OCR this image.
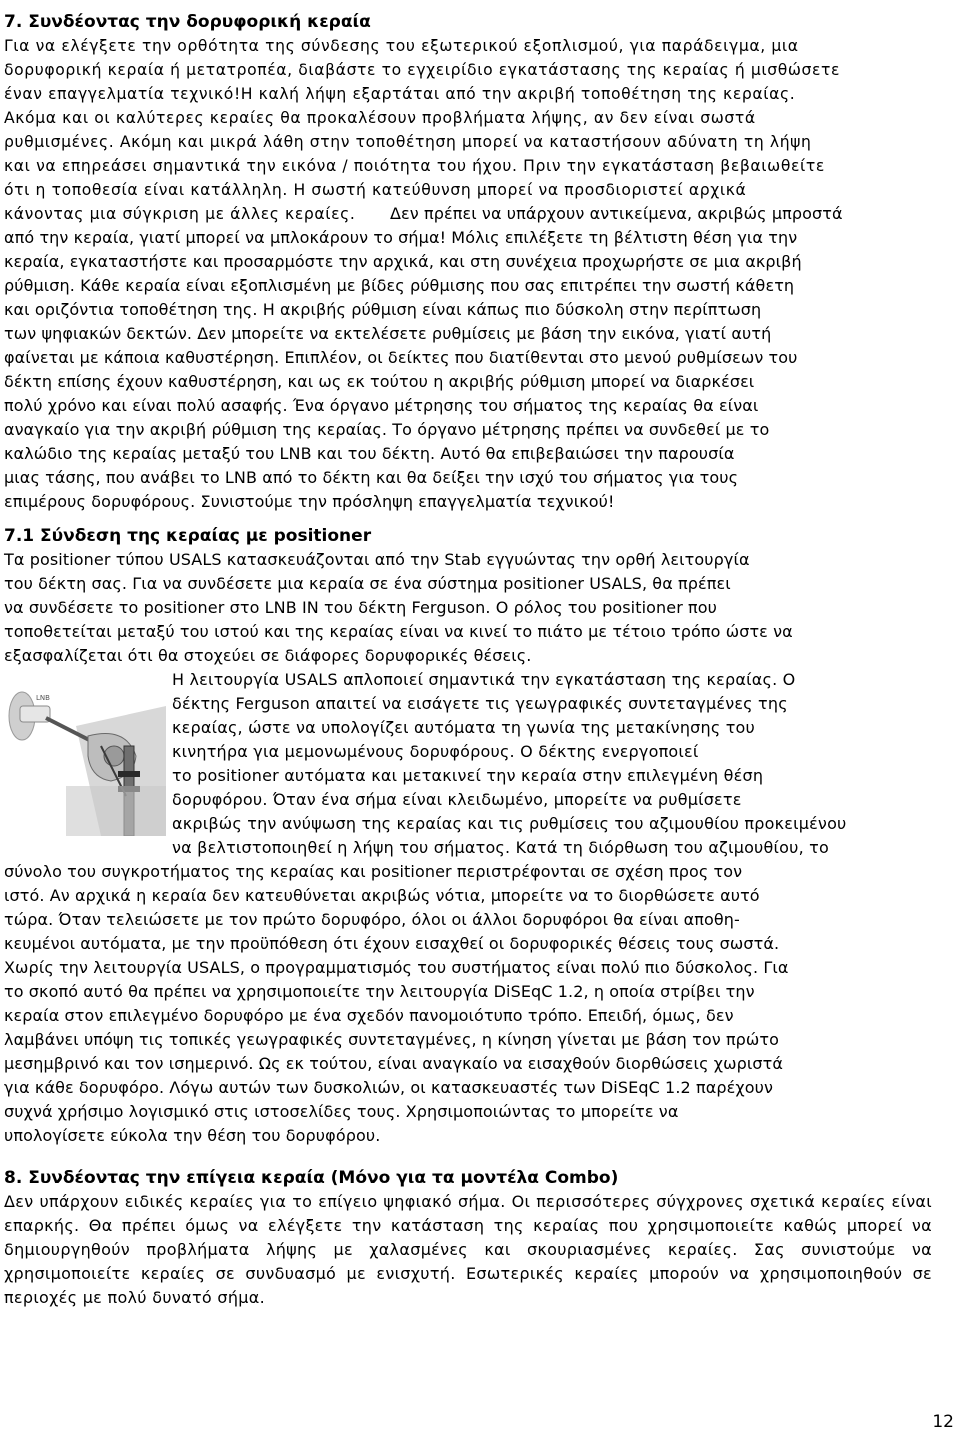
7. Συνδέοντας την δορυφορική κεραία
Για να ελέγξετε την ορθότητα της σύνδεσης του εξωτερικού εξοπλισμού, για παράδειγμα, μια
δορυφορική κεραία ή μετατροπέα, διαβάστε το εγχειρίδιο εγκατάστασης της κεραίας ή μισθώσετε
έναν επαγγελματία τεχνικό!Η καλή λήψη εξαρτάται από την ακριβή τοποθέτηση της κεραίας.
Ακόμα και οι καλύτερες κεραίες θα προκαλέσουν προβλήματα λήψης, αν δεν είναι σωστά
ρυθμισμένες. Ακόμη και μικρά λάθη στην τοποθέτηση μπορεί να καταστήσουν αδύνατη τη λήψη
και να επηρεάσει σημαντικά την εικόνα / ποιότητα του ήχου. Πριν την εγκατάσταση βεβαιωθείτε
ότι η τοποθεσία είναι κατάλληλη. Η σωστή κατεύθυνση μπορεί να προσδιοριστεί αρχικά
κάνοντας μια σύγκριση με άλλες κεραίες.	Δεν πρέπει να υπάρχουν αντικείμενα, ακριβώς μπροστά
από την κεραία, γιατί μπορεί να μπλοκάρουν το σήμα! Μόλις επιλέξετε τη βέλτιστη θέση για την
κεραία, εγκαταστήστε και προσαρμόστε την αρχικά, και στη συνέχεια προχωρήστε σε μια ακριβή
ρύθμιση. Κάθε κεραία είναι εξοπλισμένη με βίδες ρύθμισης που σας επιτρέπει την σωστή κάθετη
και οριζόντια τοποθέτηση της. Η ακριβής ρύθμιση είναι κάπως πιο δύσκολη στην περίπτωση
των ψηφιακών δεκτών. Δεν μπορείτε να εκτελέσετε ρυθμίσεις με βάση την εικόνα, γιατί αυτή
φαίνεται με κάποια καθυστέρηση. Επιπλέον, οι δείκτες που διατίθενται στο μενού ρυθμίσεων του
δέκτη επίσης έχουν καθυστέρηση, και ως εκ τούτου η ακριβής ρύθμιση μπορεί να διαρκέσει
πολύ χρόνο και είναι πολύ ασαφής. Ένα όργανο μέτρησης του σήματος της κεραίας θα είναι
αναγκαίο για την ακριβή ρύθμιση της κεραίας. Το όργανο μέτρησης πρέπει να συνδεθεί με το
καλώδιο της κεραίας μεταξύ του LNB και του δέκτη. Αυτό θα επιβεβαιώσει την παρουσία
μιας τάσης, που ανάβει το LNB από το δέκτη και θα δείξει την ισχύ του σήματος για τους
επιμέρους δορυφόρους. Συνιστούμε την πρόσληψη επαγγελματία τεχνικού!
7.1 Σύνδεση της κεραίας με positioner
Τα positioner τύπου USALS κατασκευάζονται από την Stab εγγυώντας την ορθή λειτουργία
του δέκτη σας. Για να συνδέσετε μια κεραία σε ένα σύστημα positioner USALS, θα πρέπει
να συνδέσετε το positioner στο LNB IN του δέκτη Ferguson. Ο ρόλος του positioner που
τοποθετείται μεταξύ του ιστού και της κεραίας είναι να κινεί το πιάτο με τέτοιο τρόπο ώστε να
εξασφαλίζεται ότι θα στοχεύει σε διάφορες δορυφορικές θέσεις.
LNB
Η λειτουργία USALS απλοποιεί σημαντικά την εγκατάσταση της κεραίας. Ο
δέκτης Ferguson απαιτεί να εισάγετε τις γεωγραφικές συντεταγμένες της
κεραίας, ώστε να υπολογίζει αυτόματα τη γωνία της μετακίνησης του
κινητήρα για μεμονωμένους δορυφόρους. Ο δέκτης ενεργοποιεί
το positioner αυτόματα και μετακινεί την κεραία στην επιλεγμένη θέση
δορυφόρου. Όταν ένα σήμα είναι κλειδωμένο, μπορείτε να ρυθμίσετε
ακριβώς την ανύψωση της κεραίας και τις ρυθμίσεις του αζιμουθίου προκειμένου
να βελτιστοποιηθεί η λήψη του σήματος. Κατά τη διόρθωση του αζιμουθίου, το
σύνολο του συγκροτήματος της κεραίας και positioner περιστρέφονται σε σχέση προς τον
ιστό. Αν αρχικά η κεραία δεν κατευθύνεται ακριβώς νότια, μπορείτε να το διορθώσετε αυτό
τώρα. Όταν τελειώσετε με τον πρώτο δορυφόρο, όλοι οι άλλοι δορυφόροι θα είναι αποθη-
κευμένοι αυτόματα, με την προϋπόθεση ότι έχουν εισαχθεί οι δορυφορικές θέσεις τους σωστά.
Χωρίς την λειτουργία USALS, ο προγραμματισμός του συστήματος είναι πολύ πιο δύσκολος. Για
το σκοπό αυτό θα πρέπει να χρησιμοποιείτε την λειτουργία DiSEqC 1.2, η οποία στρίβει την
κεραία στον επιλεγμένο δορυφόρο με ένα σχεδόν πανομοιότυπο τρόπο. Επειδή, όμως, δεν
λαμβάνει υπόψη τις τοπικές γεωγραφικές συντεταγμένες, η κίνηση γίνεται με βάση τον πρώτο
μεσημβρινό και τον ισημερινό. Ως εκ τούτου, είναι αναγκαίο να εισαχθούν διορθώσεις χωριστά
για κάθε δορυφόρο. Λόγω αυτών των δυσκολιών, οι κατασκευαστές των DiSEqC 1.2 παρέχουν
συχνά χρήσιμο λογισμικό στις ιστοσελίδες τους. Χρησιμοποιώντας το μπορείτε να
υπολογίσετε εύκολα την θέση του δορυφόρου.
8. Συνδέοντας την επίγεια κεραία (Μόνο για τα μοντέλα Combo)
Δεν υπάρχουν ειδικές κεραίες για το επίγειο ψηφιακό σήμα. Οι περισσότερες σύγχρονες σχετικά κεραίες είναι επαρκής. Θα πρέπει όμως να ελέγξετε την κατάσταση της κεραίας που χρησιμοποιείτε καθώς μπορεί να δημιουργηθούν προβλήματα λήψης με χαλασμένες και σκουριασμένες κεραίες. Σας συνιστούμε να χρησιμοποιείτε κεραίες σε συνδυασμό με ενισχυτή. Εσωτερικές κεραίες μπορούν να χρησιμοποιηθούν σε περιοχές με πολύ δυνατό σήμα.
12
